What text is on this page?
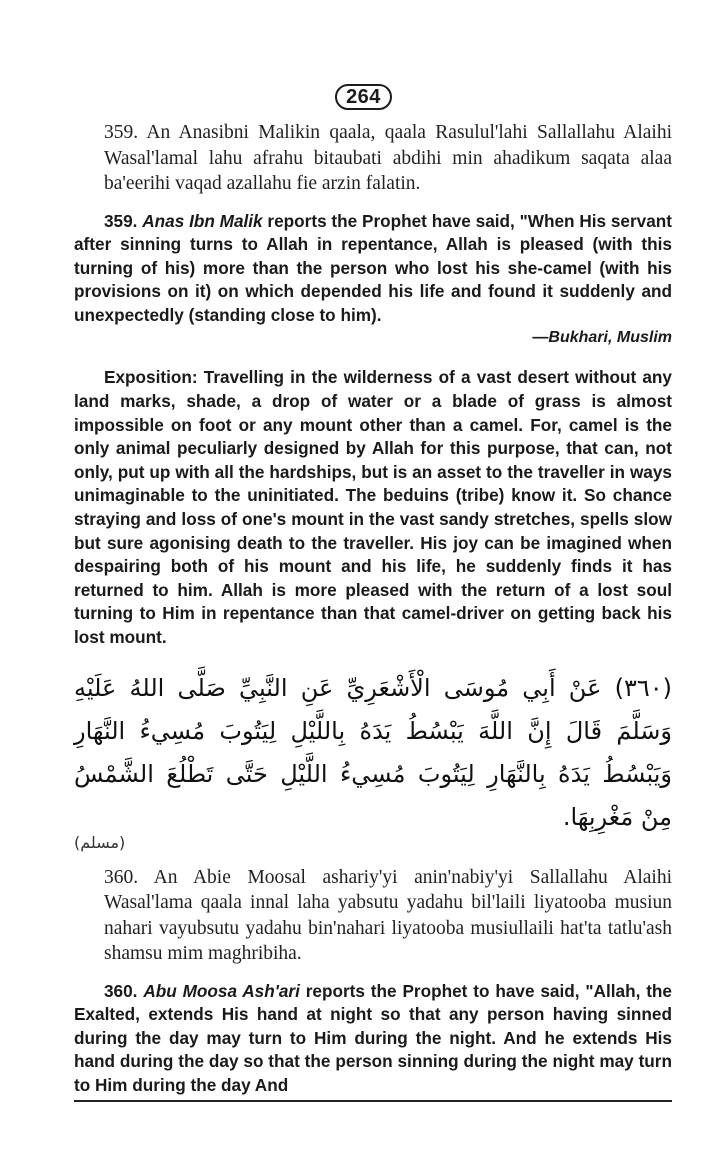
264

359. An Anasibni Malikin qaala, qaala Rasulul'lahi Sallallahu Alaihi Wasal'lamal lahu afrahu bitaubati abdihi min ahadikum saqata alaa ba'eerihi vaqad azallahu fie arzin falatin.

359. Anas Ibn Malik reports the Prophet have said, "When His servant after sinning turns to Allah in repentance, Allah is pleased (with this turning of his) more than the person who lost his she-camel (with his provisions on it) on which depended his life and found it suddenly and unexpectedly (standing close to him).

—Bukhari, Muslim

Exposition: Travelling in the wilderness of a vast desert without any land marks, shade, a drop of water or a blade of grass is almost impossible on foot or any mount other than a camel. For, camel is the only animal peculiarly designed by Allah for this purpose, that can, not only, put up with all the hardships, but is an asset to the traveller in ways unimaginable to the uninitiated. The beduins (tribe) know it. So chance straying and loss of one's mount in the vast sandy stretches, spells slow but sure agonising death to the traveller. His joy can be imagined when despairing both of his mount and his life, he suddenly finds it has returned to him. Allah is more pleased with the return of a lost soul turning to Him in repentance than that camel-driver on getting back his lost mount.

(٣٦٠) عَنْ أَبِي مُوسَى الْأَشْعَرِيِّ عَنِ النَّبِيِّ صَلَّى اللهُ عَلَيْهِ وَسَلَّمَ قَالَ إِنَّ اللَّهَ يَبْسُطُ يَدَهُ بِاللَّيْلِ لِيَتُوبَ مُسِيءُ النَّهَارِ وَيَبْسُطُ يَدَهُ بِالنَّهَارِ لِيَتُوبَ مُسِيءُ اللَّيْلِ حَتَّى تَطْلُعَ الشَّمْسُ مِنْ مَغْرِبِهَا.

(مسلم)

360. An Abie Moosal ashariy'yi anin'nabiy'yi Sallallahu Alaihi Wasal'lama qaala innal laha yabsutu yadahu bil'laili liyatooba musiun nahari vayubsutu yadahu bin'nahari liyatooba musiullaili hat'ta tatlu'ash shamsu mim maghribiha.

360. Abu Moosa Ash'ari reports the Prophet to have said, "Allah, the Exalted, extends His hand at night so that any person having sinned during the day may turn to Him during the night. And he extends His hand during the day so that the person sinning during the night may turn to Him during the day And
